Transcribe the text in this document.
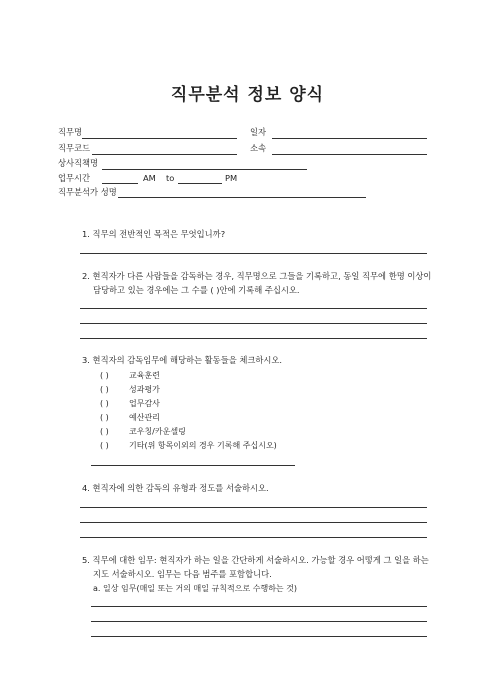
직무분석 정보 양식
직무명	일자
직무코드	소속
상사직책명
업무시간	AM to	PM
직무분석가 성명
1. 직무의 전반적인 목적은 무엇입니까?
2. 현직자가 다른 사람들을 감독하는 경우, 직무명으로 그들을 기록하고, 동일 직무에 한명 이상이
담당하고 있는 경우에는 그 수를 ( )안에 기록해 주십시오.
3. 현직자의 감독임무에 해당하는 활동들을 체크하시오.
( )	교육훈련
( )	성과평가
( )	업무감사
( )	예산관리
( )	코우칭/카운셀링
( )	기타(위 항목이외의 경우 기록해 주십시오)
4. 현직자에 의한 감독의 유형과 정도를 서술하시오.
5. 직무에 대한 임무: 현직자가 하는 일을 간단하게 서술하시오. 가능할 경우 어떻게 그 일을 하는
지도 서술하시오. 임무는 다음 범주를 포함합니다.
a. 일상 임무(매일 또는 거의 매일 규칙적으로 수행하는 것)
